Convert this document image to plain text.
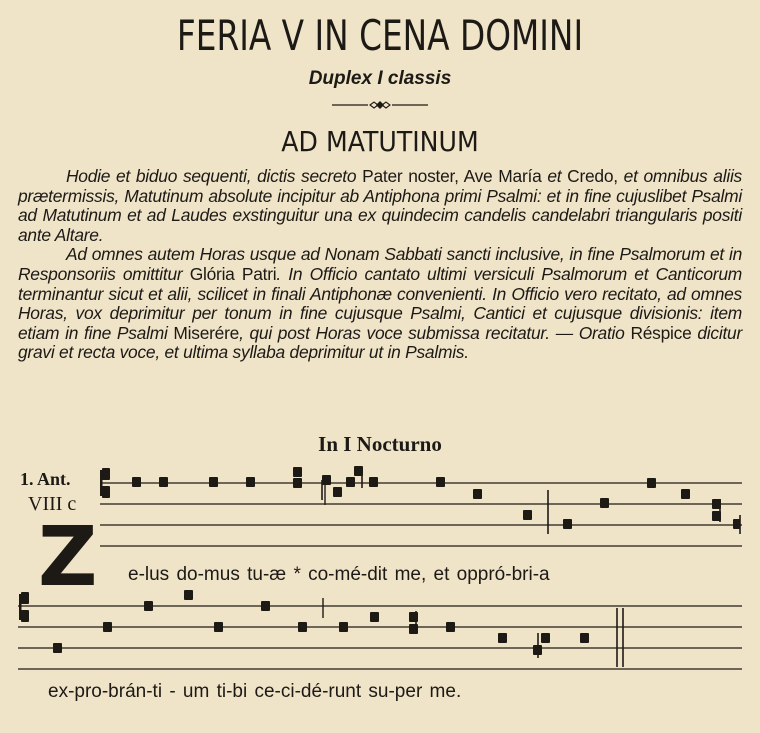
FERIA V IN CENA DOMINI
Duplex I classis
AD MATUTINUM

Hodie et biduo sequenti, dictis secreto Pater noster, Ave María et Credo, et omnibus aliis prætermissis, Matutinum absolute incipitur ab Antiphona primi Psalmi: et in fine cujuslibet Psalmi ad Matutinum et ad Laudes exstinguitur una ex quindecim candelis candelabri triangularis positi ante Altare.

Ad omnes autem Horas usque ad Nonam Sabbati sancti inclusive, in fine Psalmorum et in Responsoriis omittitur Glória Patri. In Officio cantato ultimi versiculi Psalmorum et Canticorum terminantur sicut et alii, scilicet in finali Antiphonæ convenienti. In Officio vero recitato, ad omnes Horas, vox deprimitur per tonum in fine cujusque Psalmi, Cantici et cujusque divisionis: item etiam in fine Psalmi Miserére, qui post Horas voce submissa recitatur. — Oratio Réspice dicitur gravi et recta voce, et ultima syllaba deprimitur ut in Psalmis.

In I Nocturno
1. Ant.
VIII c
Z e-lus do-mus tu-æ * co-mé-dit me, et oppró-bri-a
ex-pro-brán-ti - um ti-bi ce-ci-dé-runt su-per me.
